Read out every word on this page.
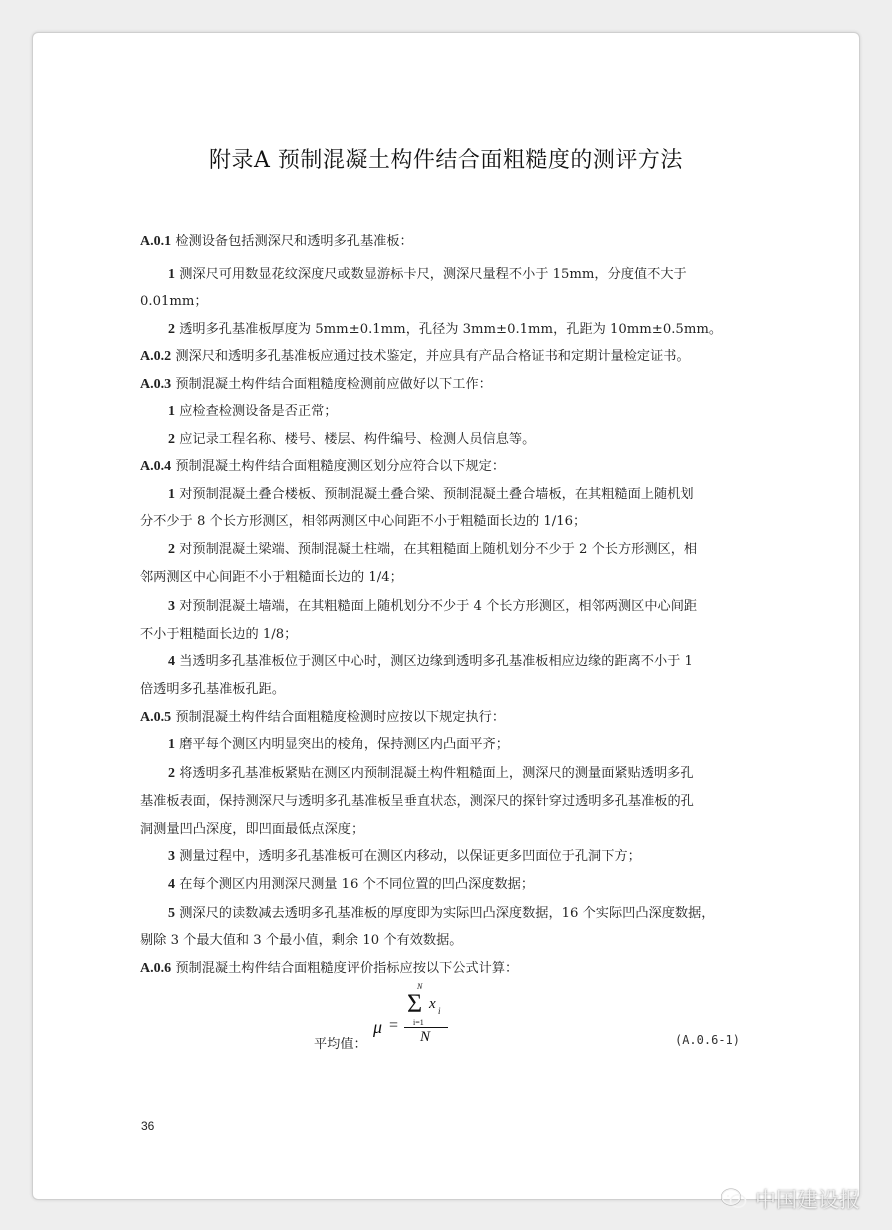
附录A 预制混凝土构件结合面粗糙度的测评方法
A.0.1 检测设备包括测深尺和透明多孔基准板：
1 测深尺可用数显花纹深度尺或数显游标卡尺，测深尺量程不小于 15mm，分度值不大于
0.01mm；
2 透明多孔基准板厚度为 5mm±0.1mm，孔径为 3mm±0.1mm，孔距为 10mm±0.5mm。
A.0.2 测深尺和透明多孔基准板应通过技术鉴定，并应具有产品合格证书和定期计量检定证书。
A.0.3 预制混凝土构件结合面粗糙度检测前应做好以下工作：
1 应检查检测设备是否正常；
2 应记录工程名称、楼号、楼层、构件编号、检测人员信息等。
A.0.4 预制混凝土构件结合面粗糙度测区划分应符合以下规定：
1 对预制混凝土叠合楼板、预制混凝土叠合梁、预制混凝土叠合墙板，在其粗糙面上随机划
分不少于 8 个长方形测区，相邻两测区中心间距不小于粗糙面长边的 1/16；
2 对预制混凝土梁端、预制混凝土柱端，在其粗糙面上随机划分不少于 2 个长方形测区，相
邻两测区中心间距不小于粗糙面长边的 1/4；
3 对预制混凝土墙端，在其粗糙面上随机划分不少于 4 个长方形测区，相邻两测区中心间距
不小于粗糙面长边的 1/8；
4 当透明多孔基准板位于测区中心时，测区边缘到透明多孔基准板相应边缘的距离不小于 1
倍透明多孔基准板孔距。
A.0.5 预制混凝土构件结合面粗糙度检测时应按以下规定执行：
1 磨平每个测区内明显突出的棱角，保持测区内凸面平齐；
2 将透明多孔基准板紧贴在测区内预制混凝土构件粗糙面上，测深尺的测量面紧贴透明多孔
基准板表面，保持测深尺与透明多孔基准板呈垂直状态，测深尺的探针穿过透明多孔基准板的孔
洞测量凹凸深度，即凹面最低点深度；
3 测量过程中，透明多孔基准板可在测区内移动，以保证更多凹面位于孔洞下方；
4 在每个测区内用测深尺测量 16 个不同位置的凹凸深度数据；
5 测深尺的读数减去透明多孔基准板的厚度即为实际凹凸深度数据，16 个实际凹凸深度数据，
剔除 3 个最大值和 3 个最小值，剩余 10 个有效数据。
A.0.6 预制混凝土构件结合面粗糙度评价指标应按以下公式计算：
平均值：
μ =
N
Σ
i=1
x i
N	(A.0.6-1)
36
中国建设报
